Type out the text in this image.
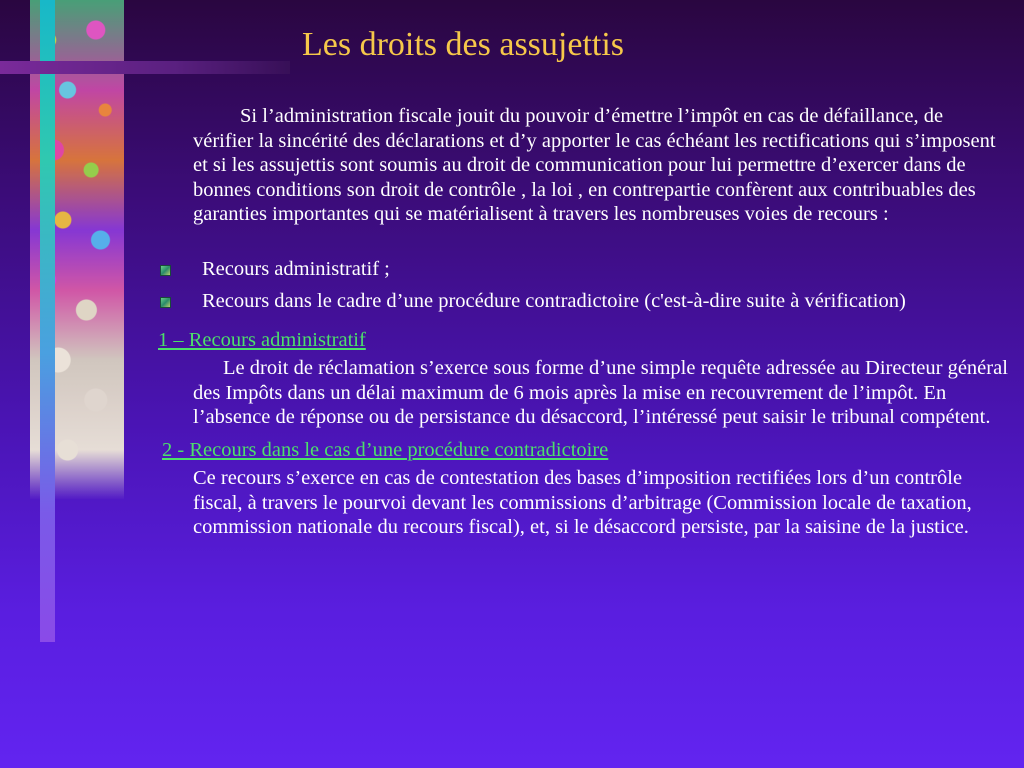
Les droits des assujettis

Si l’administration fiscale jouit du pouvoir d’émettre l’impôt en cas de défaillance, de vérifier la sincérité des déclarations et d’y apporter le cas échéant les rectifications qui s’imposent et si les assujettis sont soumis au droit de communication pour lui permettre d’exercer dans de bonnes conditions son droit de contrôle , la loi , en contrepartie confèrent aux contribuables des garanties importantes qui se matérialisent à travers les nombreuses voies de recours :

Recours administratif ;
Recours dans le cadre d’une procédure contradictoire (c'est-à-dire suite à vérification)
1 – Recours administratif

Le droit de réclamation s’exerce sous forme d’une simple requête adressée au Directeur général des Impôts dans un délai maximum de 6 mois après la mise en recouvrement de l’impôt. En l’absence de réponse ou de persistance du désaccord, l’intéressé peut saisir le tribunal compétent.

2 - Recours dans le cas d’une procédure contradictoire

Ce recours s’exerce en cas de contestation des bases d’imposition rectifiées lors d’un contrôle fiscal, à travers le pourvoi devant les commissions d’arbitrage (Commission locale de taxation, commission nationale du recours fiscal), et, si le désaccord persiste, par la saisine de la justice.
